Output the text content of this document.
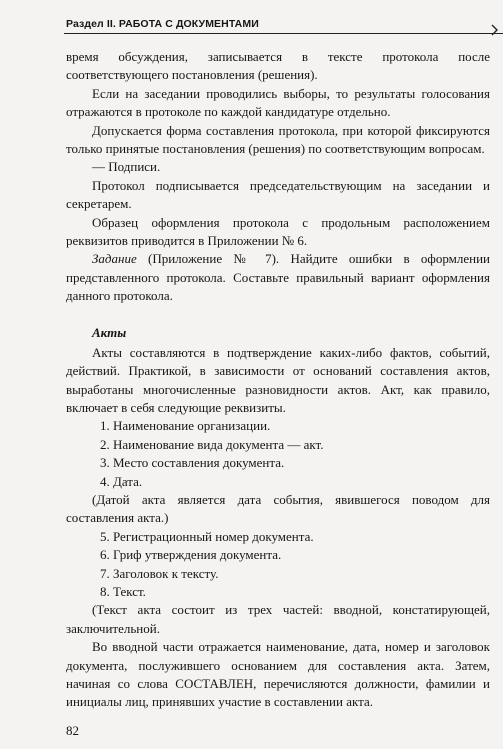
Раздел II. РАБОТА С ДОКУМЕНТАМИ

время обсуждения, записывается в тексте протокола после соответствующего постановления (решения).

Если на заседании проводились выборы, то результаты голосования отражаются в протоколе по каждой кандидатуре отдельно.

Допускается форма составления протокола, при которой фиксируются только принятые постановления (решения) по соответствующим вопросам.

— Подписи.

Протокол подписывается председательствующим на заседании и секретарем.

Образец оформления протокола с продольным расположением реквизитов приводится в Приложении № 6.

Задание (Приложение № 7). Найдите ошибки в оформлении представленного протокола. Составьте правильный вариант оформления данного протокола.

Акты

Акты составляются в подтверждение каких-либо фактов, событий, действий. Практикой, в зависимости от оснований составления актов, выработаны многочисленные разновидности актов. Акт, как правило, включает в себя следующие реквизиты.

1. Наименование организации.

2. Наименование вида документа — акт.

3. Место составления документа.

4. Дата.

(Датой акта является дата события, явившегося поводом для составления акта.)

5. Регистрационный номер документа.

6. Гриф утверждения документа.

7. Заголовок к тексту.

8. Текст.

(Текст акта состоит из трех частей: вводной, констатирующей, заключительной.

Во вводной части отражается наименование, дата, номер и заголовок документа, послужившего основанием для составления акта. Затем, начиная со слова СОСТАВЛЕН, перечисляются должности, фамилии и инициалы лиц, принявших участие в составлении акта.

82
